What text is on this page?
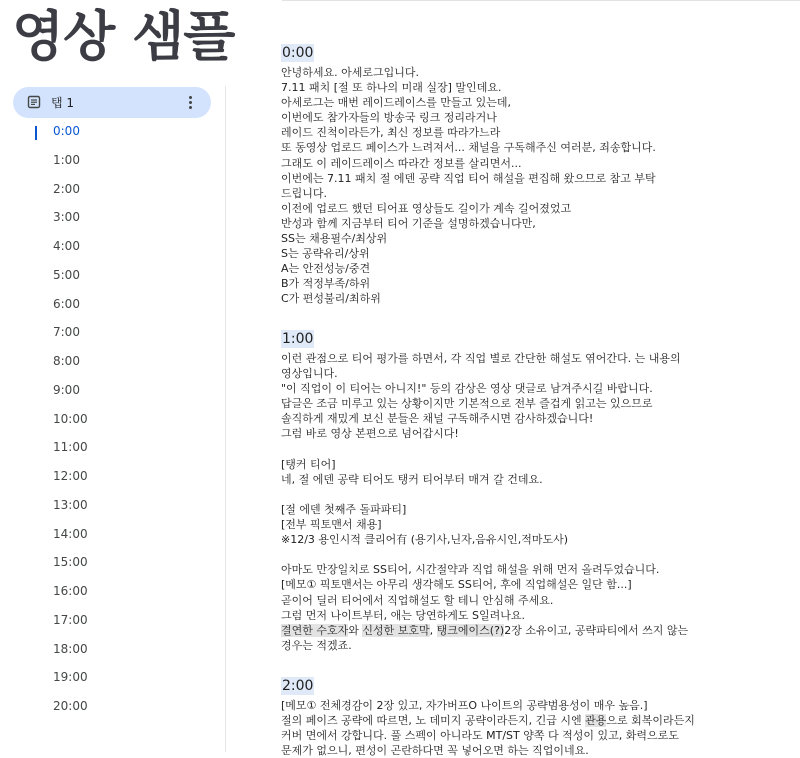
영상 샘플
탭 1
0:00
1:00
2:00
3:00
4:00
5:00
6:00
7:00
8:00
9:00
10:00
11:00
12:00
13:00
14:00
15:00
16:00
17:00
18:00
19:00
20:00
0:00
안녕하세요. 아세로그입니다.
7.11 패치 [절 또 하나의 미래 실장] 말인데요.
아세로그는 매번 레이드레이스를 만들고 있는데,
이번에도 참가자들의 방송국 링크 정리라거나
레이드 진척이라든가, 최신 정보를 따라가느라
또 동영상 업로드 페이스가 느려져서... 채널을 구독해주신 여러분, 죄송합니다.
그래도 이 레이드레이스 따라간 정보를 살리면서...
이번에는 7.11 패치 절 에덴 공략 직업 티어 해설을 편집해 왔으므로 참고 부탁
드립니다.
이전에 업로드 했던 티어표 영상들도 길이가 계속 길어졌었고
반성과 함께 지금부터 티어 기준을 설명하겠습니다만,
SS는 채용필수/최상위
S는 공략유리/상위
A는 안전성능/중견
B가 적정부족/하위
C가 편성불리/최하위
1:00
이런 관점으로 티어 평가를 하면서, 각 직업 별로 간단한 해설도 엮어간다. 는 내용의
영상입니다.
"이 직업이 이 티어는 아니지!" 등의 감상은 영상 댓글로 남겨주시길 바랍니다.
답글은 조금 미루고 있는 상황이지만 기본적으로 전부 즐겁게 읽고는 있으므로
솔직하게 재밌게 보신 분들은 채널 구독해주시면 감사하겠습니다!
그럼 바로 영상 본편으로 넘어갑시다!

[탱커 티어]
네, 절 에덴 공략 티어도 탱커 티어부터 매겨 갈 건데요.

[절 에덴 첫째주 돌파파티]
[전부 픽토맨서 채용]
※12/3 용인시적 클리어有 (용기사,닌자,음유시인,적마도사)

아마도 만장일치로 SS티어, 시간절약과 직업 해설을 위해 먼저 올려두었습니다.
[메모① 픽토맨서는 아무리 생각해도 SS티어, 후에 직업해설은 일단 함...]
곧이어 딜러 티어에서 직업해설도 할 테니 안심해 주세요.
그럼 먼저 나이트부터, 애는 당연하게도 S일려나요.
결연한 수호자와 신성한 보호막, 탱크에이스(?)2장 소유이고, 공략파티에서 쓰지 않는
경우는 적겠죠.
2:00
[메모① 전체경감이 2장 있고, 자가버프O 나이트의 공략범용성이 매우 높음.]
절의 페이즈 공략에 따르면, 노 데미지 공략이라든지, 긴급 시엔 관용으로 회복이라든지
커버 면에서 강합니다. 풀 스펙이 아니라도 MT/ST 양쪽 다 적성이 있고, 화력으로도
문제가 없으니, 편성이 곤란하다면 꼭 넣어오면 하는 직업이네요.
